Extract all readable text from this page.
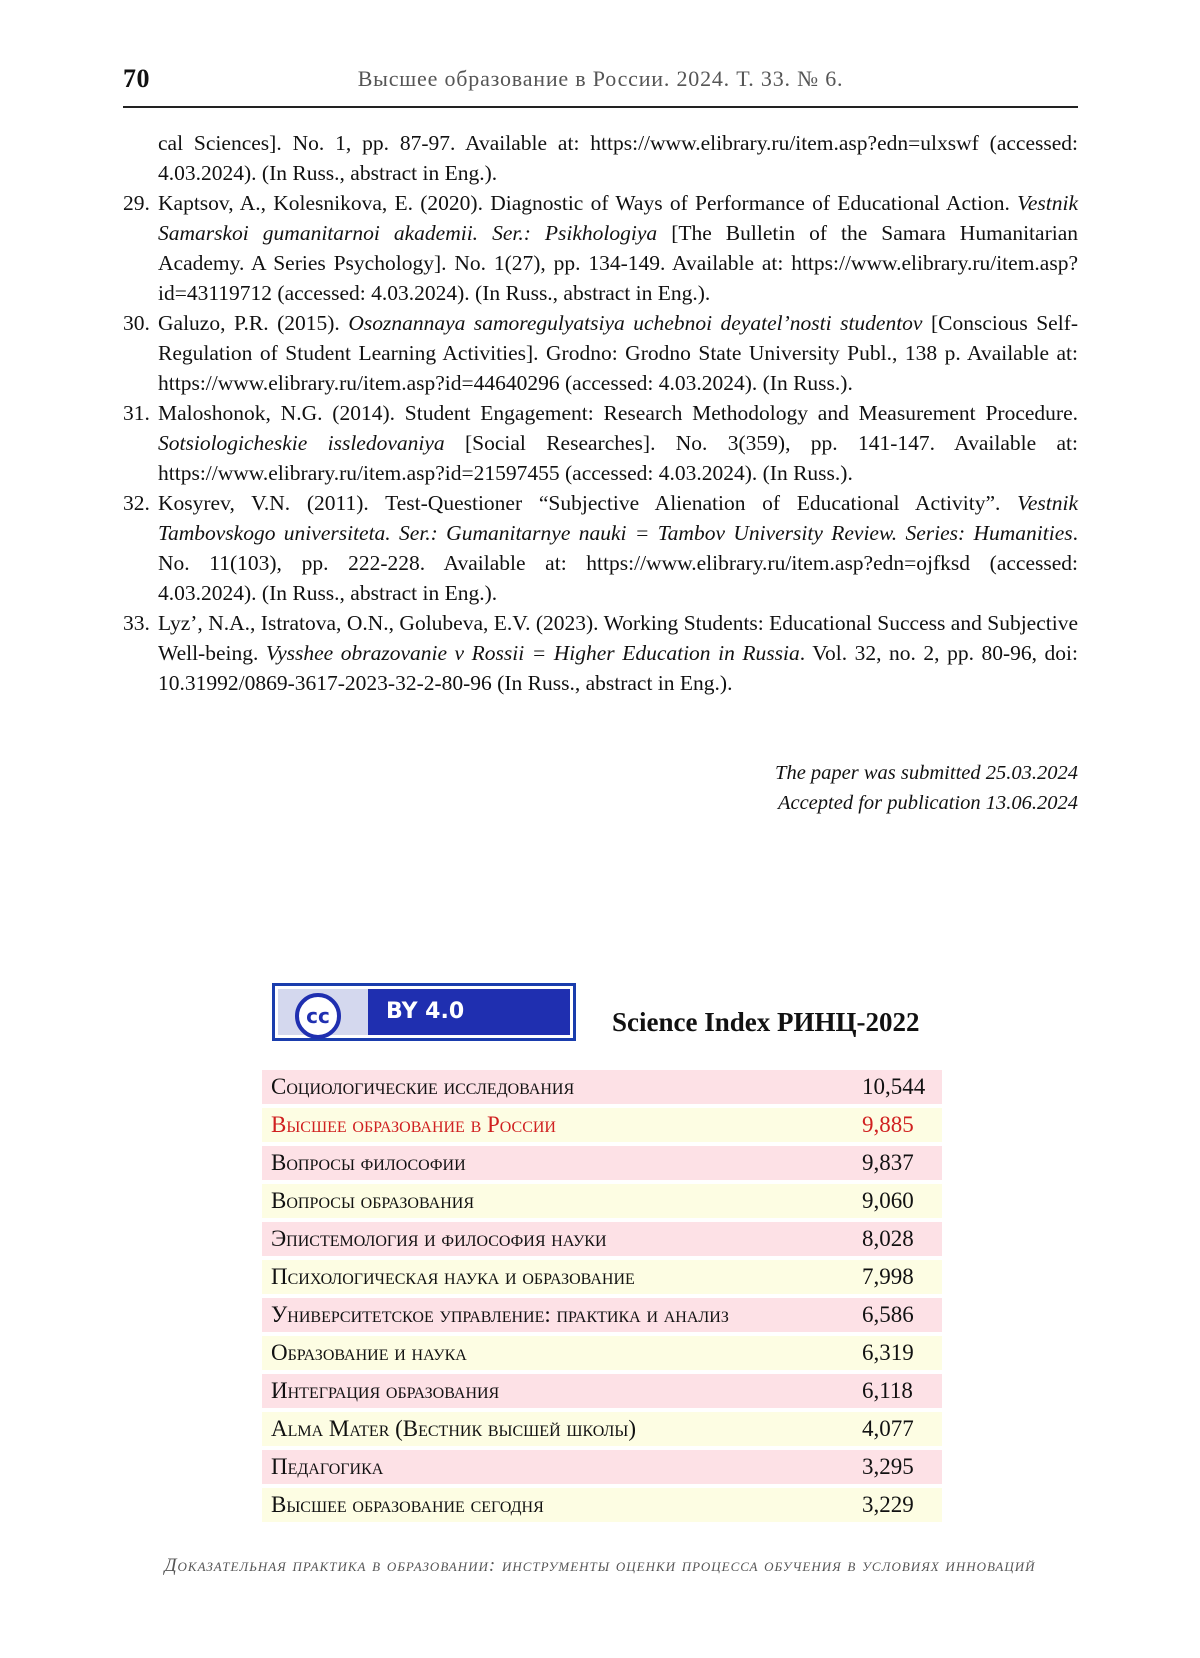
70	Высшее образование в России. 2024. Т. 33. № 6.
cal Sciences]. No. 1, pp. 87-97. Available at: https://www.elibrary.ru/item.asp?edn=ulxswf (accessed: 4.03.2024). (In Russ., abstract in Eng.).
29. Kaptsov, A., Kolesnikova, E. (2020). Diagnostic of Ways of Performance of Educational Action. Vestnik Samarskoi gumanitarnoi akademii. Ser.: Psikhologiya [The Bulletin of the Samara Humanitarian Academy. A Series Psychology]. No. 1(27), pp. 134-149. Available at: https://www.elibrary.ru/item.asp?id=43119712 (accessed: 4.03.2024). (In Russ., abstract in Eng.).
30. Galuzo, P.R. (2015). Osoznannaya samoregulyatsiya uchebnoi deyatel’nosti studentov [Conscious Self-Regulation of Student Learning Activities]. Grodno: Grodno State University Publ., 138 p. Available at: https://www.elibrary.ru/item.asp?id=44640296 (accessed: 4.03.2024). (In Russ.).
31. Maloshonok, N.G. (2014). Student Engagement: Research Methodology and Measurement Procedure. Sotsiologicheskie issledovaniya [Social Researches]. No. 3(359), pp. 141-147. Available at: https://www.elibrary.ru/item.asp?id=21597455 (accessed: 4.03.2024). (In Russ.).
32. Kosyrev, V.N. (2011). Test-Questioner “Subjective Alienation of Educational Activity”. Vestnik Tambovskogo universiteta. Ser.: Gumanitarnye nauki = Tambov University Review. Series: Humanities. No. 11(103), pp. 222-228. Available at: https://www.elibrary.ru/item.asp?edn=ojfksd (accessed: 4.03.2024). (In Russ., abstract in Eng.).
33. Lyz’, N.A., Istratova, O.N., Golubeva, E.V. (2023). Working Students: Educational Success and Subjective Well-being. Vysshee obrazovanie v Rossii = Higher Education in Russia. Vol. 32, no. 2, pp. 80-96, doi: 10.31992/0869-3617-2023-32-2-80-96 (In Russ., abstract in Eng.).
The paper was submitted 25.03.2024
Accepted for publication 13.06.2024
cc	BY 4.0	Science Index РИНЦ-2022
Социологические исследования	10,544
Высшее образование в России	9,885
Вопросы философии	9,837
Вопросы образования	9,060
Эпистемология и философия науки	8,028
Психологическая наука и образование	7,998
Университетское управление: практика и анализ	6,586
Образование и наука	6,319
Интеграция образования	6,118
Alma Mater (Вестник высшей школы)	4,077
Педагогика	3,295
Высшее образование сегодня	3,229
Доказательная практика в образовании: инструменты оценки процесса обучения в условиях инноваций
